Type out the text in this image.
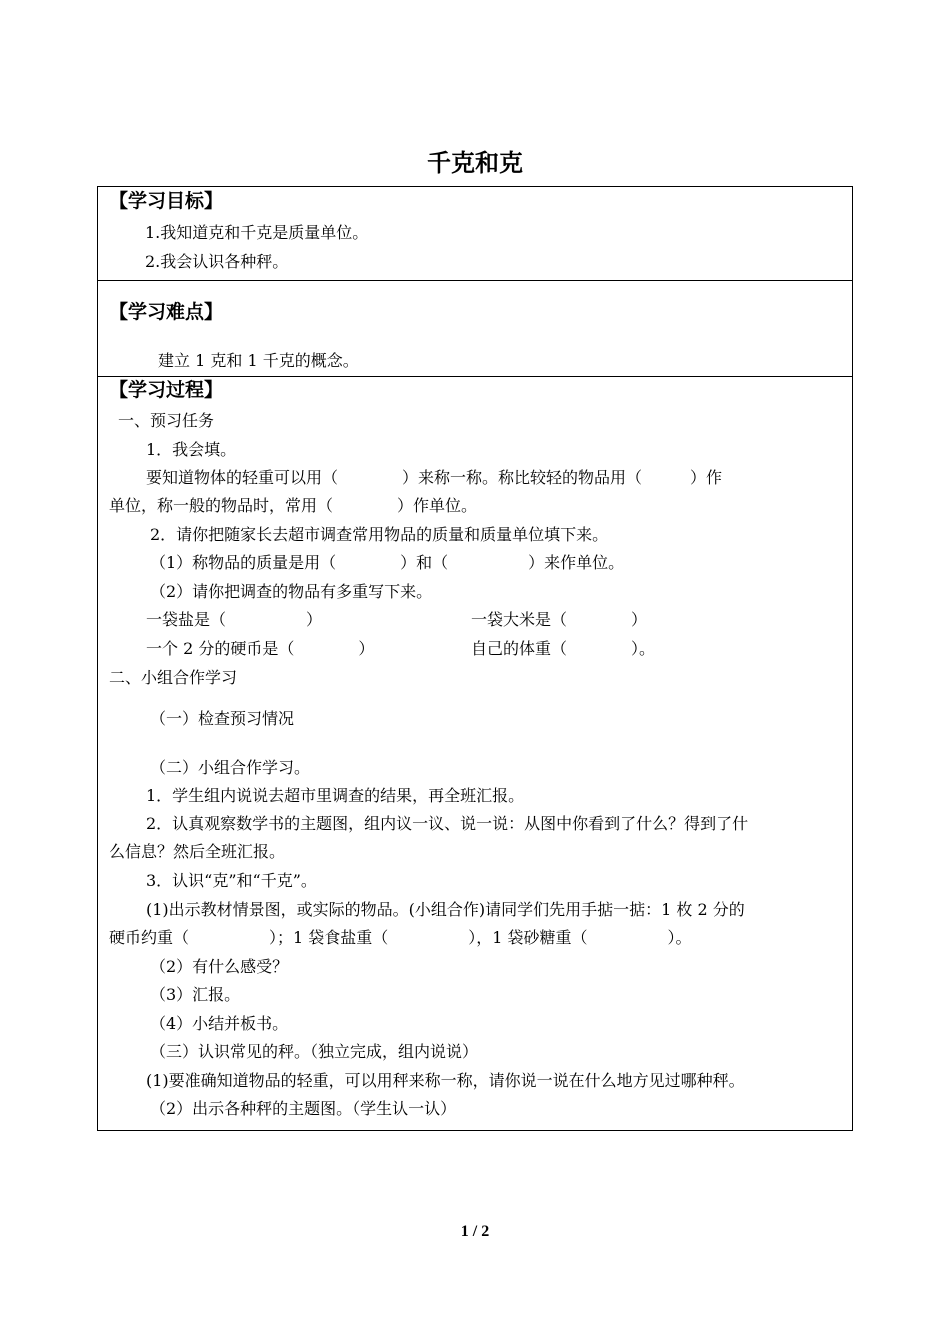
千克和克
【学习目标】
1.我知道克和千克是质量单位。
2.我会认识各种秤。
【学习难点】
建立 1 克和 1 千克的概念。
【学习过程】
一、预习任务
1．我会填。
要知道物体的轻重可以用（　　　　）来称一称。称比较轻的物品用（　　　）作
单位，称一般的物品时，常用（　　　　）作单位。
2．请你把随家长去超市调查常用物品的质量和质量单位填下来。
（1）称物品的质量是用（　　　　）和（　　　　　）来作单位。
（2）请你把调查的物品有多重写下来。
一袋盐是（　　　　　）	一袋大米是（　　　　）
一个 2 分的硬币是（　　　　）	自己的体重（　　　　）。
二、小组合作学习
（一）检查预习情况
（二）小组合作学习。
1．学生组内说说去超市里调查的结果，再全班汇报。
2．认真观察数学书的主题图，组内议一议、说一说：从图中你看到了什么？得到了什
么信息？然后全班汇报。
3．认识“克”和“千克”。
(1)出示教材情景图，或实际的物品。(小组合作)请同学们先用手掂一掂：1 枚 2 分的
硬币约重（　　　　　）；1 袋食盐重（　　　　　），1 袋砂糖重（　　　　　）。
（2）有什么感受？
（3）汇报。
（4）小结并板书。
（三）认识常见的秤。（独立完成，组内说说）
(1)要准确知道物品的轻重，可以用秤来称一称，请你说一说在什么地方见过哪种秤。
（2）出示各种秤的主题图。（学生认一认）
1 / 2
